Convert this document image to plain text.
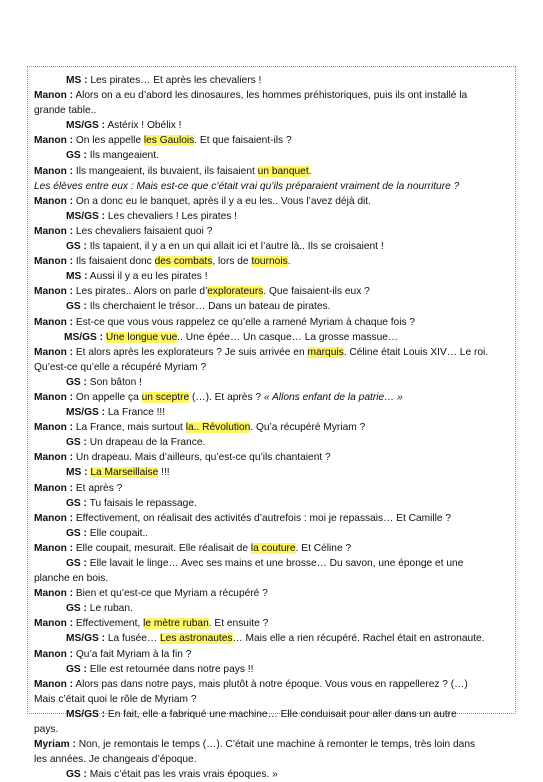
MS : Les pirates… Et après les chevaliers !
Manon : Alors on a eu d’abord les dinosaures, les hommes préhistoriques, puis ils ont installé la
grande table..
MS/GS : Astérix ! Obélix !
Manon : On les appelle les Gaulois. Et que faisaient-ils ?
GS : Ils mangeaient.
Manon : Ils mangeaient, ils buvaient, ils faisaient un banquet.
Les élèves entre eux : Mais est-ce que c’était vrai qu’ils préparaient vraiment de la nourriture ?
Manon : On a donc eu le banquet, après il y a eu les.. Vous l’avez déjà dit.
MS/GS : Les chevaliers ! Les pirates !
Manon : Les chevaliers faisaient quoi ?
GS : Ils tapaient, il y a en un qui allait ici et l’autre là.. Ils se croisaient !
Manon : Ils faisaient donc des combats, lors de tournois.
MS : Aussi il y a eu les pirates !
Manon : Les pirates.. Alors on parle d’explorateurs. Que faisaient-ils eux ?
GS : Ils cherchaient le trésor… Dans un bateau de pirates.
Manon : Est-ce que vous vous rappelez ce qu’elle a ramené Myriam à chaque fois ?
MS/GS : Une longue vue.. Une épée… Un casque… La grosse massue…
Manon : Et alors après les explorateurs ? Je suis arrivée en marquis. Céline était Louis XIV… Le roi.
Qu’est-ce qu’elle a récupéré Myriam ?
GS : Son bâton !
Manon : On appelle ça un sceptre (…). Et après ? « Allons enfant de la patrie… »
MS/GS : La France !!!
Manon : La France, mais surtout la.. Révolution. Qu’a récupéré Myriam ?
GS : Un drapeau de la France.
Manon : Un drapeau. Mais d’ailleurs, qu’est-ce qu’ils chantaient ?
MS : La Marseillaise !!!
Manon : Et après ?
GS : Tu faisais le repassage.
Manon : Effectivement, on réalisait des activités d’autrefois : moi je repassais… Et Camille ?
GS : Elle coupait..
Manon : Elle coupait, mesurait. Elle réalisait de la couture. Et Céline ?
GS : Elle lavait le linge… Avec ses mains et une brosse… Du savon, une éponge et une
planche en bois.
Manon : Bien et qu’est-ce que Myriam a récupéré ?
GS : Le ruban.
Manon : Effectivement, le mètre ruban. Et ensuite ?
MS/GS : La fusée… Les astronautes… Mais elle a rien récupéré. Rachel était en astronaute.
Manon : Qu’a fait Myriam à la fin ?
GS : Elle est retournée dans notre pays !!
Manon : Alors pas dans notre pays, mais plutôt à notre époque. Vous vous en rappellerez ? (…)
Mais c’était quoi le rôle de Myriam ?
MS/GS : En fait, elle a fabriqué une machine… Elle conduisait pour aller dans un autre
pays.
Myriam : Non, je remontais le temps (…). C’était une machine à remonter le temps, très loin dans
les années. Je changeais d’époque.
GS : Mais c’était pas les vrais vrais époques. »
